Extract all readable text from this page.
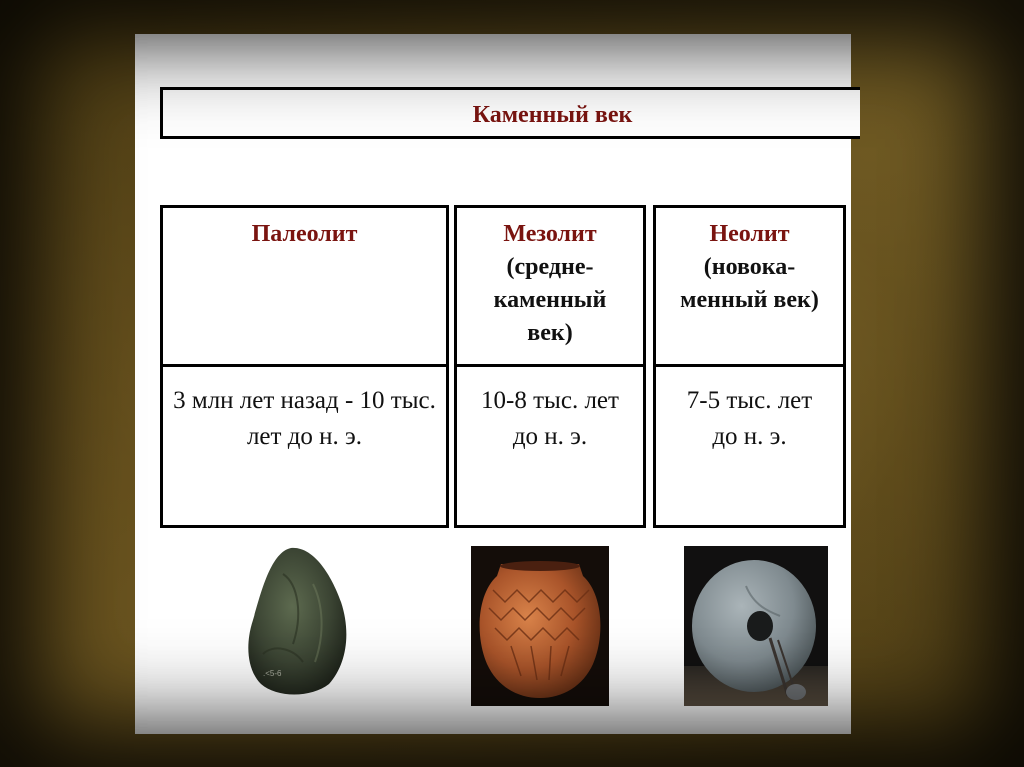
Каменный век
Палеолит
3 млн лет назад - 10 тыс. лет до н. э.
Мезолит
(средне-каменный век)
10-8 тыс. лет до н. э.
Неолит
(новока-менный век)
7-5 тыс. лет до н. э.
.<5-6
